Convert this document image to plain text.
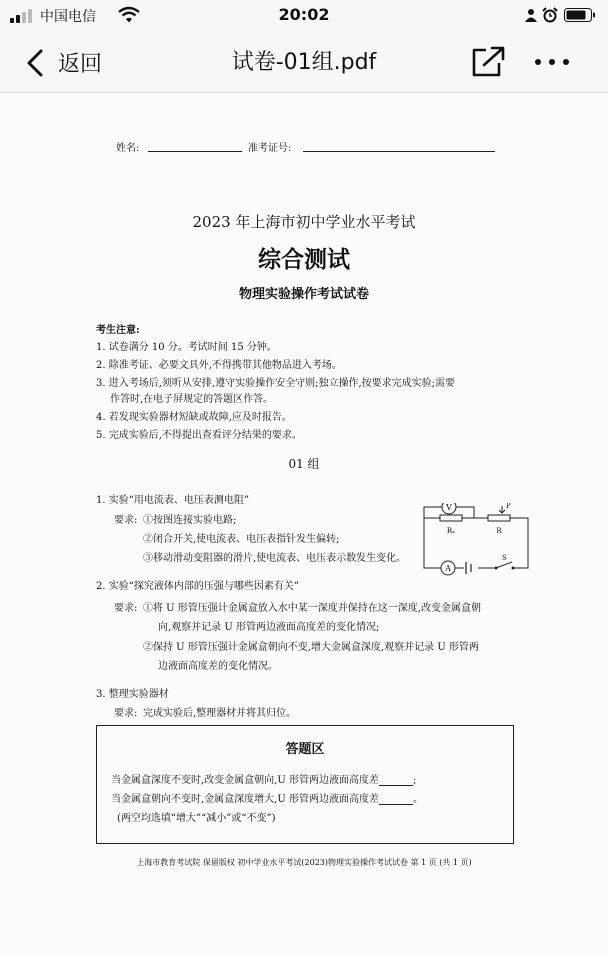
中国电信	20:02
返回	试卷-01组.pdf
姓名:	准考证号:
2023 年上海市初中学业水平考试
综合测试
物理实验操作考试试卷
考生注意:
1. 试卷满分 10 分。考试时间 15 分钟。
2. 除准考证、必要文具外,不得携带其他物品进入考场。
3. 进入考场后,须听从安排,遵守实验操作安全守则;独立操作,按要求完成实验;需要
作答时,在电子屏规定的答题区作答。
4. 若发现实验器材短缺或故障,应及时报告。
5. 完成实验后,不得提出查看评分结果的要求。
01 组
1. 实验“用电流表、电压表测电阻”
要求: ①按图连接实验电路;
②闭合开关,使电流表、电压表指针发生偏转;
③移动滑动变阻器的滑片,使电流表、电压表示数发生变化。
V
A
Rₓ	R
P
S
2. 实验“探究液体内部的压强与哪些因素有关”
要求: ①将 U 形管压强计金属盒放入水中某一深度并保持在这一深度,改变金属盒朝
向,观察并记录 U 形管两边液面高度差的变化情况;
②保持 U 形管压强计金属盒朝向不变,增大金属盒深度,观察并记录 U 形管两
边液面高度差的变化情况。
3. 整理实验器材
要求: 完成实验后,整理器材并将其归位。
答题区
当金属盒深度不变时,改变金属盒朝向,U 形管两边液面高度差	;
当金属盒朝向不变时,金属盒深度增大,U 形管两边液面高度差	。
(两空均选填“增大”“减小”或“不变”)
上海市教育考试院 保留版权 初中学业水平考试(2023)物理实验操作考试试卷 第 1 页 (共 1 页)
